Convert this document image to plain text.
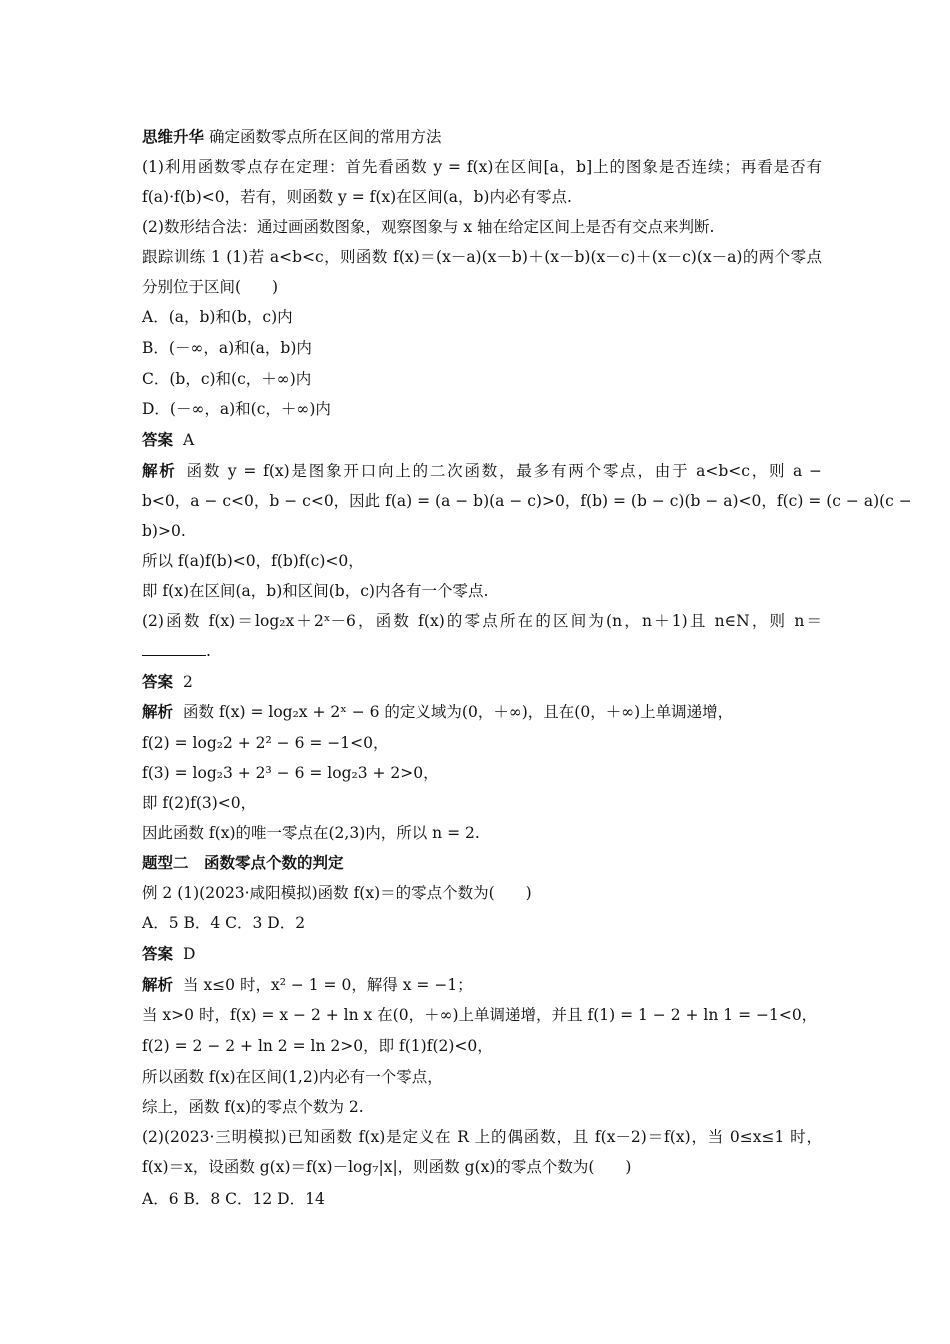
思维升华 确定函数零点所在区间的常用方法
(1)利用函数零点存在定理：首先看函数 y = f(x)在区间[a，b]上的图象是否连续；再看是否有
f(a)·f(b)<0，若有，则函数 y = f(x)在区间(a，b)内必有零点.
(2)数形结合法：通过画函数图象，观察图象与 x 轴在给定区间上是否有交点来判断.
跟踪训练 1 (1)若 a<b<c，则函数 f(x)＝(x－a)(x－b)＋(x－b)(x－c)＋(x－c)(x－a)的两个零点
分别位于区间(　　)
A．(a，b)和(b，c)内
B．(－∞，a)和(a，b)内
C．(b，c)和(c，＋∞)内
D．(－∞，a)和(c，＋∞)内
答案 A
解析 函数 y = f(x)是图象开口向上的二次函数，最多有两个零点，由于 a<b<c，则 a −
b<0，a − c<0，b − c<0，因此 f(a) = (a − b)(a − c)>0，f(b) = (b − c)(b − a)<0，f(c) = (c − a)(c −
b)>0.
所以 f(a)f(b)<0，f(b)f(c)<0，
即 f(x)在区间(a，b)和区间(b，c)内各有一个零点.
(2)函数 f(x)＝log₂x＋2ˣ－6，函数 f(x)的零点所在的区间为(n，n＋1)且 n∈N，则 n＝
.
答案 2
解析 函数 f(x) = log₂x + 2ˣ − 6 的定义域为(0，＋∞)，且在(0，＋∞)上单调递增，
f(2) = log₂2 + 2² − 6 = −1<0，
f(3) = log₂3 + 2³ − 6 = log₂3 + 2>0，
即 f(2)f(3)<0，
因此函数 f(x)的唯一零点在(2,3)内，所以 n = 2.
题型二　函数零点个数的判定
例 2 (1)(2023·咸阳模拟)函数 f(x)＝的零点个数为(　　)
A．5 B．4 C．3 D．2
答案 D
解析 当 x≤0 时，x² − 1 = 0，解得 x = −1；
当 x>0 时，f(x) = x − 2 + ln x 在(0，＋∞)上单调递增，并且 f(1) = 1 − 2 + ln 1 = −1<0，
f(2) = 2 − 2 + ln 2 = ln 2>0，即 f(1)f(2)<0，
所以函数 f(x)在区间(1,2)内必有一个零点，
综上，函数 f(x)的零点个数为 2.
(2)(2023·三明模拟)已知函数 f(x)是定义在 R 上的偶函数，且 f(x－2)＝f(x)，当 0≤x≤1 时，
f(x)＝x，设函数 g(x)＝f(x)－log₇|x|，则函数 g(x)的零点个数为(　　)
A．6 B．8 C．12 D．14
